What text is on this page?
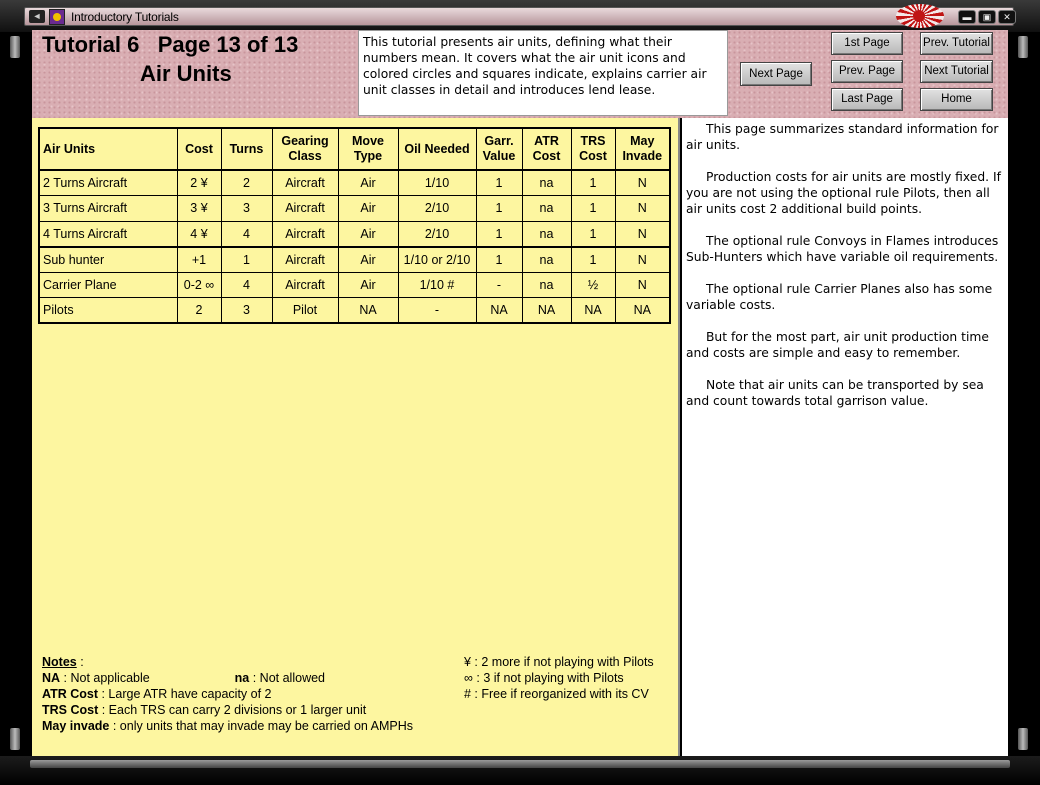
◄ Introductory Tutorials	▬	▣	✕
Tutorial 6   Page 13 of 13
Air Units
This tutorial presents air units, defining what their numbers mean. It covers what the air unit icons and colored circles and squares indicate, explains carrier air unit classes in detail and introduces lend lease.
Next Page
1st Page
Prev. Page
Last Page
Prev. Tutorial
Next Tutorial
Home
Air Units	Cost	Turns	Gearing Class	Move Type	Oil Needed	Garr. Value	ATR Cost	TRS Cost	May Invade
2 Turns Aircraft	2 ¥	2	Aircraft	Air	1/10	1	na	1	N
3 Turns Aircraft	3 ¥	3	Aircraft	Air	2/10	1	na	1	N
4 Turns Aircraft	4 ¥	4	Aircraft	Air	2/10	1	na	1	N
Sub hunter	+1	1	Aircraft	Air	1/10 or 2/10	1	na	1	N
Carrier Plane	0-2 ∞	4	Aircraft	Air	1/10 #	-	na	½	N
Pilots	2	3	Pilot	NA	-	NA	NA	NA	NA
Notes :
NA : Not applicable	na : Not allowed
ATR Cost : Large ATR have capacity of 2
TRS Cost : Each TRS can carry 2 divisions or 1 larger unit
May invade : only units that may invade may be carried on AMPHs
¥ : 2 more if not playing with Pilots
∞ : 3 if not playing with Pilots
# : Free if reorganized with its CV

This page summarizes standard information for air units.

Production costs for air units are mostly fixed. If you are not using the optional rule Pilots, then all air units cost 2 additional build points.

The optional rule Convoys in Flames introduces Sub-Hunters which have variable oil requirements.

The optional rule Carrier Planes also has some variable costs.

But for the most part, air unit production time and costs are simple and easy to remember.

Note that air units can be transported by sea and count towards total garrison value.
